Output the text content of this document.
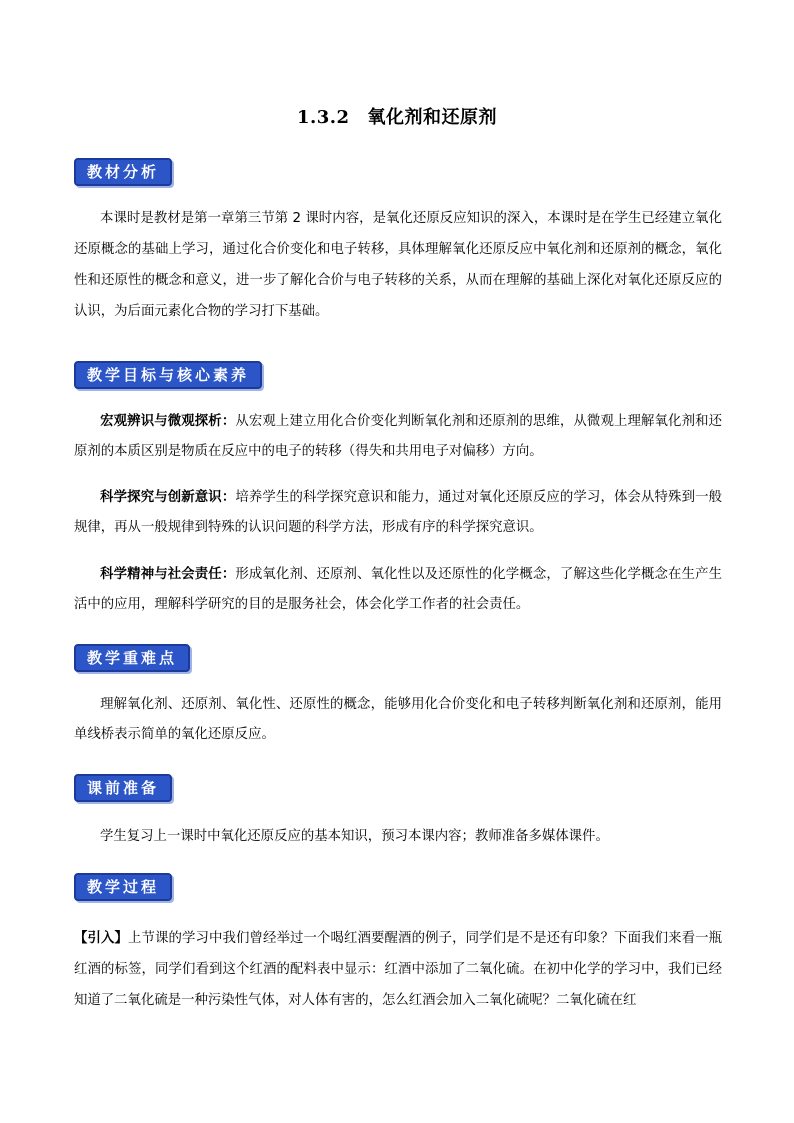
1.3.2 氧化剂和还原剂
教材分析
本课时是教材是第一章第三节第 2 课时内容，是氧化还原反应知识的深入，本课时是在学生已经建立氧化还原概念的基础上学习，通过化合价变化和电子转移，具体理解氧化还原反应中氧化剂和还原剂的概念，氧化性和还原性的概念和意义，进一步了解化合价与电子转移的关系，从而在理解的基础上深化对氧化还原反应的认识，为后面元素化合物的学习打下基础。
教学目标与核心素养
宏观辨识与微观探析：从宏观上建立用化合价变化判断氧化剂和还原剂的思维，从微观上理解氧化剂和还原剂的本质区别是物质在反应中的电子的转移（得失和共用电子对偏移）方向。
科学探究与创新意识：培养学生的科学探究意识和能力，通过对氧化还原反应的学习，体会从特殊到一般规律，再从一般规律到特殊的认识问题的科学方法，形成有序的科学探究意识。
科学精神与社会责任：形成氧化剂、还原剂、氧化性以及还原性的化学概念，了解这些化学概念在生产生活中的应用，理解科学研究的目的是服务社会，体会化学工作者的社会责任。
教学重难点
理解氧化剂、还原剂、氧化性、还原性的概念，能够用化合价变化和电子转移判断氧化剂和还原剂，能用单线桥表示简单的氧化还原反应。
课前准备
学生复习上一课时中氧化还原反应的基本知识，预习本课内容；教师准备多媒体课件。
教学过程
【引入】上节课的学习中我们曾经举过一个喝红酒要醒酒的例子，同学们是不是还有印象？下面我们来看一瓶红酒的标签，同学们看到这个红酒的配料表中显示：红酒中添加了二氧化硫。在初中化学的学习中，我们已经知道了二氧化硫是一种污染性气体，对人体有害的，怎么红酒会加入二氧化硫呢？二氧化硫在红
